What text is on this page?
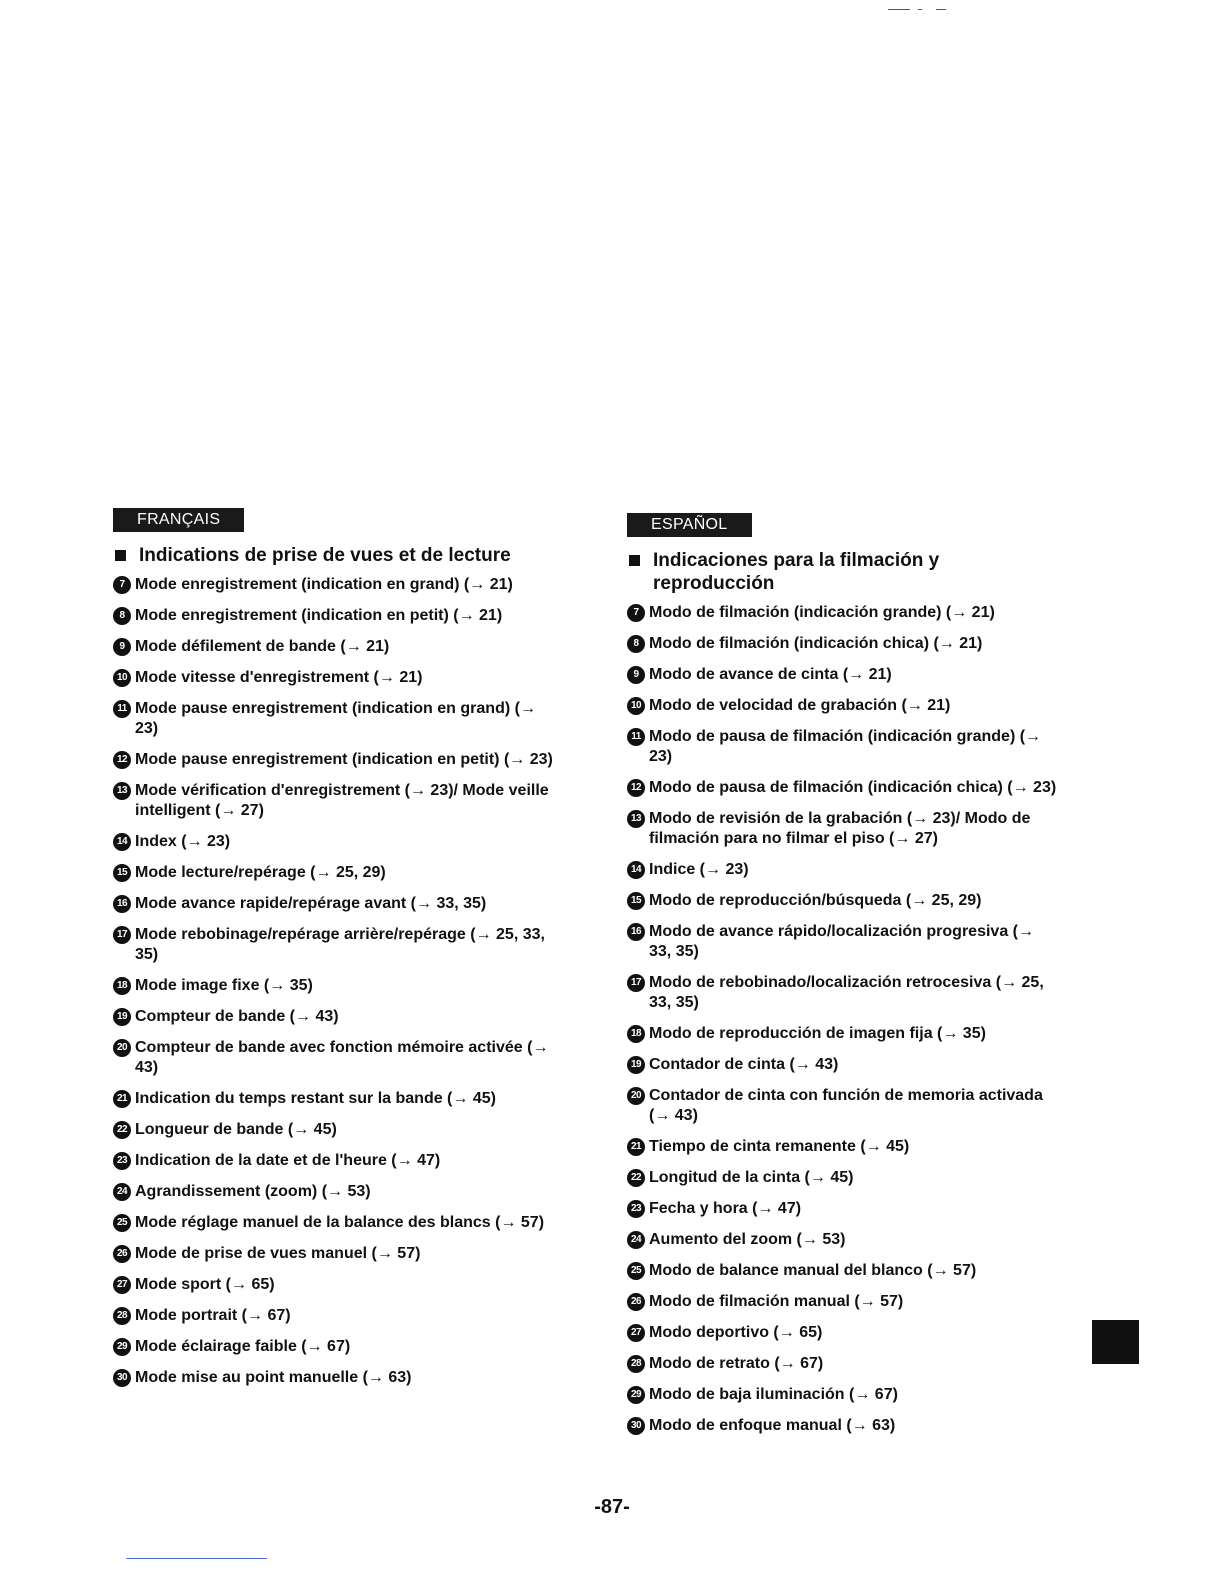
FRANÇAIS
Indications de prise de vues et de lecture
7 Mode enregistrement (indication en grand) (→ 21)
8 Mode enregistrement (indication en petit) (→ 21)
9 Mode défilement de bande (→ 21)
10 Mode vitesse d'enregistrement (→ 21)
11 Mode pause enregistrement (indication en grand) (→ 23)
12 Mode pause enregistrement (indication en petit) (→ 23)
13 Mode vérification d'enregistrement (→ 23)/ Mode veille intelligent (→ 27)
14 Index (→ 23)
15 Mode lecture/repérage (→ 25, 29)
16 Mode avance rapide/repérage avant (→ 33, 35)
17 Mode rebobinage/repérage arrière/repérage (→ 25, 33, 35)
18 Mode image fixe (→ 35)
19 Compteur de bande (→ 43)
20 Compteur de bande avec fonction mémoire activée (→ 43)
21 Indication du temps restant sur la bande (→ 45)
22 Longueur de bande (→ 45)
23 Indication de la date et de l'heure (→ 47)
24 Agrandissement (zoom) (→ 53)
25 Mode réglage manuel de la balance des blancs (→ 57)
26 Mode de prise de vues manuel (→ 57)
27 Mode sport (→ 65)
28 Mode portrait (→ 67)
29 Mode éclairage faible (→ 67)
30 Mode mise au point manuelle (→ 63)
ESPAÑOL
Indicaciones para la filmación y reproducción
7 Modo de filmación (indicación grande) (→ 21)
8 Modo de filmación (indicación chica) (→ 21)
9 Modo de avance de cinta (→ 21)
10 Modo de velocidad de grabación (→ 21)
11 Modo de pausa de filmación (indicación grande) (→ 23)
12 Modo de pausa de filmación (indicación chica) (→ 23)
13 Modo de revisión de la grabación (→ 23)/ Modo de filmación para no filmar el piso (→ 27)
14 Indice (→ 23)
15 Modo de reproducción/búsqueda (→ 25, 29)
16 Modo de avance rápido/localización progresiva (→ 33, 35)
17 Modo de rebobinado/localización retrocesiva (→ 25, 33, 35)
18 Modo de reproducción de imagen fija (→ 35)
19 Contador de cinta (→ 43)
20 Contador de cinta con función de memoria activada (→ 43)
21 Tiempo de cinta remanente (→ 45)
22 Longitud de la cinta (→ 45)
23 Fecha y hora (→ 47)
24 Aumento del zoom (→ 53)
25 Modo de balance manual del blanco (→ 57)
26 Modo de filmación manual (→ 57)
27 Modo deportivo (→ 65)
28 Modo de retrato (→ 67)
29 Modo de baja iluminación (→ 67)
30 Modo de enfoque manual (→ 63)
-87-
